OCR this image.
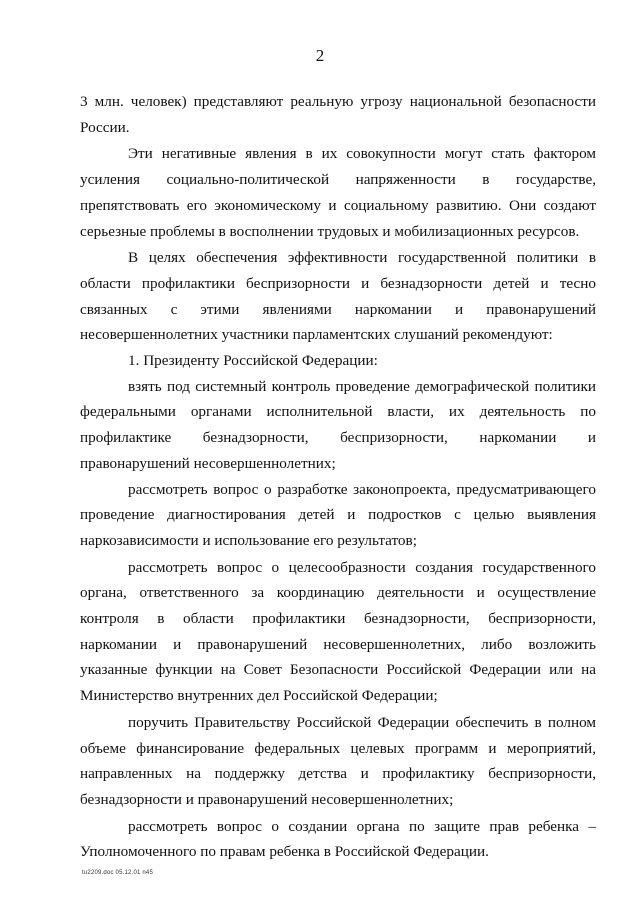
2

3 млн. человек) представляют реальную угрозу национальной безопасности России.

Эти негативные явления в их совокупности могут стать фактором усиления социально-политической напряженности в государстве, препятствовать его экономическому и социальному развитию. Они создают серьезные проблемы в восполнении трудовых и мобилизационных ресурсов.

В целях обеспечения эффективности государственной политики в области профилактики беспризорности и безнадзорности детей и тесно связанных с этими явлениями наркомании и правонарушений несовершеннолетних участники парламентских слушаний рекомендуют:

1. Президенту Российской Федерации:

взять под системный контроль проведение демографической политики федеральными органами исполнительной власти, их деятельность по профилактике безнадзорности, беспризорности, наркомании и правонарушений несовершеннолетних;

рассмотреть вопрос о разработке законопроекта, предусматривающего проведение диагностирования детей и подростков с целью выявления наркозависимости и использование его результатов;

рассмотреть вопрос о целесообразности создания государственного органа, ответственного за координацию деятельности и осуществление контроля в области профилактики безнадзорности, беспризорности, наркомании и правонарушений несовершеннолетних, либо возложить указанные функции на Совет Безопасности Российской Федерации или на Министерство внутренних дел Российской Федерации;

поручить Правительству Российской Федерации обеспечить в полном объеме финансирование федеральных целевых программ и мероприятий, направленных на поддержку детства и профилактику беспризорности, безнадзорности и правонарушений несовершеннолетних;

рассмотреть вопрос о создании органа по защите прав ребенка – Уполномоченного по правам ребенка в Российской Федерации.

tu2209.doc 05.12.01 n45
